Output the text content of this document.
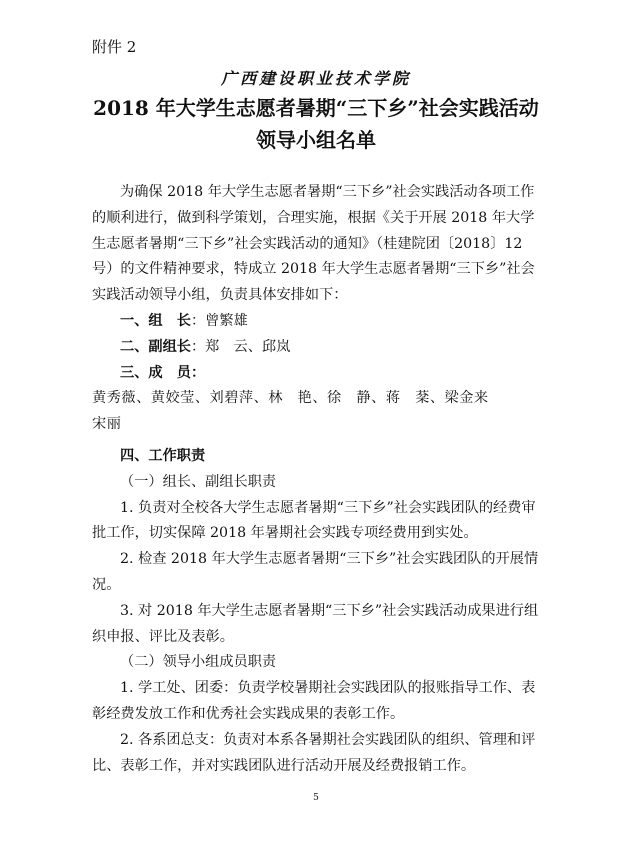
附件 2
广西建设职业技术学院
2018 年大学生志愿者暑期“三下乡”社会实践活动
领导小组名单

为确保 2018 年大学生志愿者暑期“三下乡”社会实践活动各项工作的顺利进行，做到科学策划，合理实施，根据《关于开展 2018 年大学生志愿者暑期“三下乡”社会实践活动的通知》（桂建院团〔2018〕12 号）的文件精神要求，特成立 2018 年大学生志愿者暑期“三下乡”社会实践活动领导小组，负责具体安排如下：

一、组　长：曾繁雄

二、副组长：郑　云、邱岚

三、成　员：

黄秀薇、黄姣莹、刘碧萍、林　艳、徐　静、蒋　棻、梁金来

宋丽

四、工作职责

（一）组长、副组长职责

1. 负责对全校各大学生志愿者暑期“三下乡”社会实践团队的经费审批工作，切实保障 2018 年暑期社会实践专项经费用到实处。

2. 检查 2018 年大学生志愿者暑期“三下乡”社会实践团队的开展情况。

3. 对 2018 年大学生志愿者暑期“三下乡”社会实践活动成果进行组织申报、评比及表彰。

（二）领导小组成员职责

1. 学工处、团委：负责学校暑期社会实践团队的报账指导工作、表彰经费发放工作和优秀社会实践成果的表彰工作。

2. 各系团总支：负责对本系各暑期社会实践团队的组织、管理和评比、表彰工作，并对实践团队进行活动开展及经费报销工作。

5
